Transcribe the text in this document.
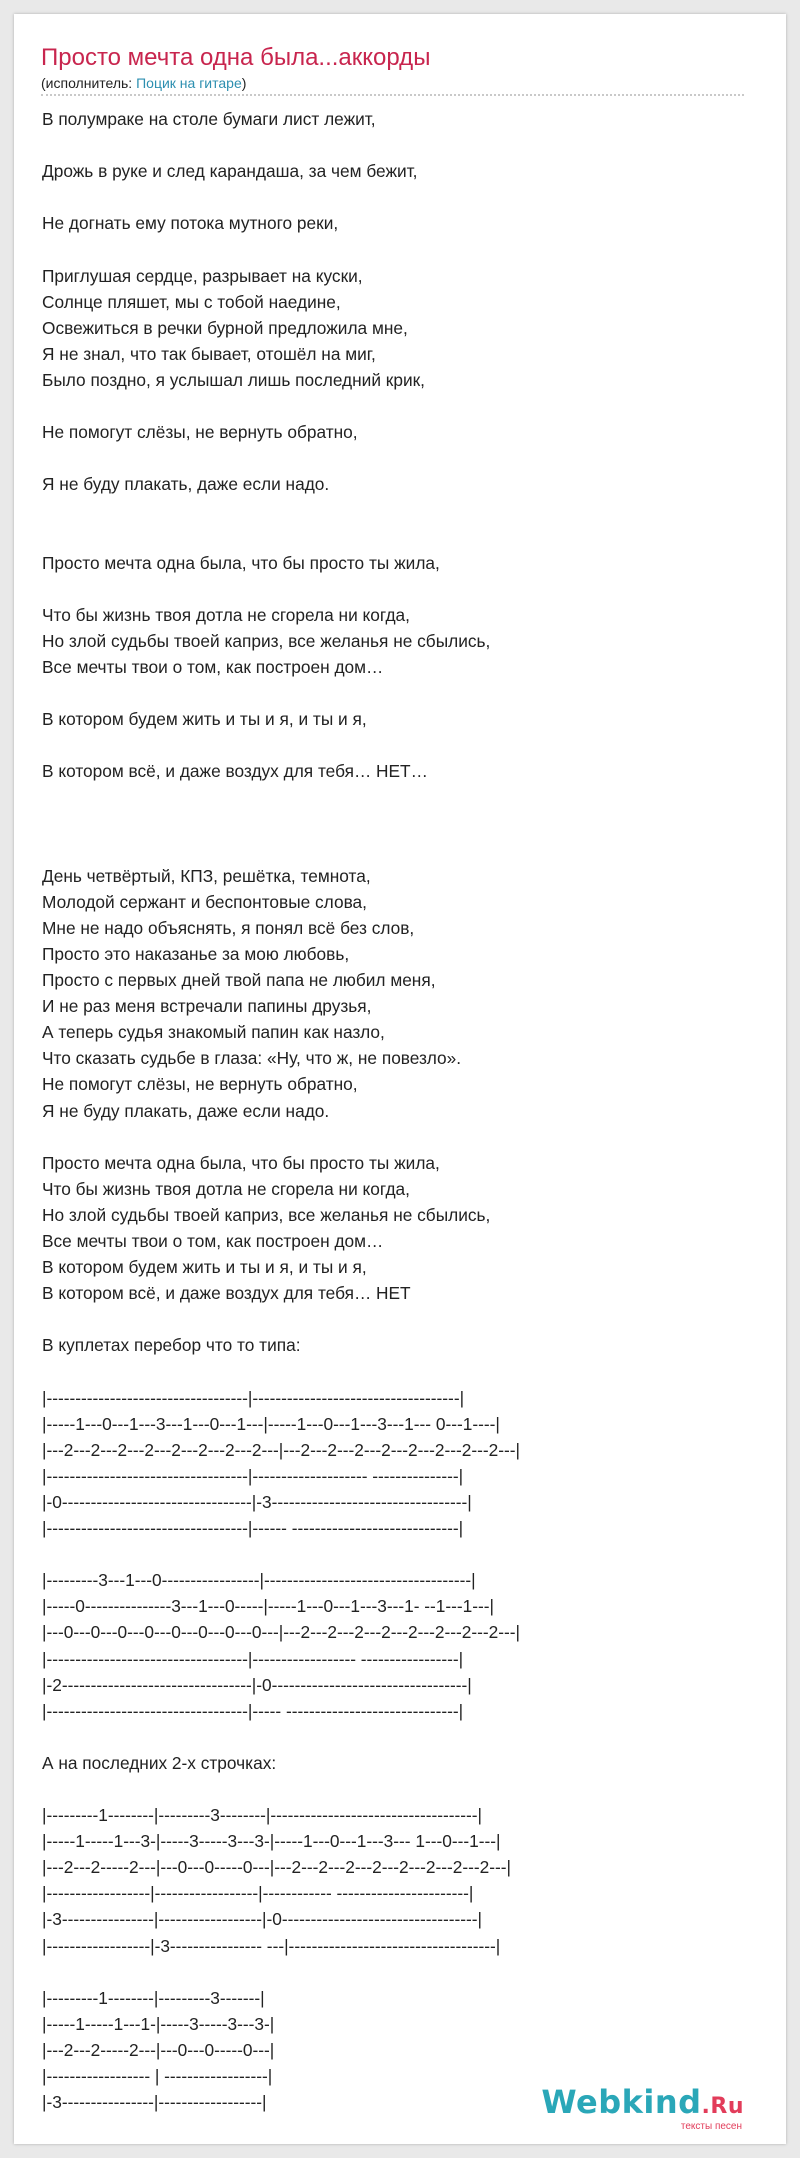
Просто мечта одна была...аккорды
(исполнитель: Поцик на гитаре)
В полумраке на столе бумаги лист лежит,

Дрожь в руке и след карандаша, за чем бежит,

Не догнать ему потока мутного реки,

Приглушая сердце, разрывает на куски,
Солнце пляшет, мы с тобой наедине,
Освежиться в речки бурной предложила мне,
Я не знал, что так бывает, отошёл на миг,
Было поздно, я услышал лишь последний крик,

Не помогут слёзы, не вернуть обратно,

Я не буду плакать, даже если надо.

Просто мечта одна была, что бы просто ты жила,

Что бы жизнь твоя дотла не сгорела ни когда,
Но злой судьбы твоей каприз, все желанья не сбылись,
Все мечты твои о том, как построен дом…

В котором будем жить и ты и я, и ты и я,

В котором всё, и даже воздух для тебя… НЕТ…

День четвёртый, КПЗ, решётка, темнота,
Молодой сержант и беспонтовые слова,
Мне не надо объяснять, я понял всё без слов,
Просто это наказанье за мою любовь,
Просто с первых дней твой папа не любил меня,
И не раз меня встречали папины друзья,
А теперь судья знакомый папин как назло,
Что сказать судьбе в глаза: «Ну, что ж, не повезло».
Не помогут слёзы, не вернуть обратно,
Я не буду плакать, даже если надо.

Просто мечта одна была, что бы просто ты жила,
Что бы жизнь твоя дотла не сгорела ни когда,
Но злой судьбы твоей каприз, все желанья не сбылись,
Все мечты твои о том, как построен дом…
В котором будем жить и ты и я, и ты и я,
В котором всё, и даже воздух для тебя… НЕТ

В куплетах перебор что то типа:

|-----------------------------------|------------------------------------|
|-----1---0---1---3---1---0---1---|-----1---0---1---3---1--- 0---1----|
|---2---2---2---2---2---2---2---2---|---2---2---2---2---2---2---2---2---|
|-----------------------------------|-------------------- ---------------|
|-0---------------------------------|-3----------------------------------|
|-----------------------------------|------ -----------------------------|

|---------3---1---0-----------------|------------------------------------|
|-----0---------------3---1---0-----|-----1---0---1---3---1- --1---1---|
|---0---0---0---0---0---0---0---0---|---2---2---2---2---2---2---2---2---|
|-----------------------------------|------------------ -----------------|
|-2---------------------------------|-0----------------------------------|
|-----------------------------------|----- ------------------------------|

А на последних 2-х строчках:

|---------1--------|---------3--------|------------------------------------|
|-----1-----1---3-|-----3-----3---3-|-----1---0---1---3--- 1---0---1---|
|---2---2-----2---|---0---0-----0---|---2---2---2---2---2---2---2---2---|
|------------------|------------------|------------ -----------------------|
|-3----------------|------------------|-0----------------------------------|
|------------------|-3---------------- ---|------------------------------------|

|---------1--------|---------3-------|
|-----1-----1---1-|-----3-----3---3-|
|---2---2-----2---|---0---0-----0---|
|------------------ | ------------------|
|-3----------------|------------------|	Webkind.Ru
тексты песен
